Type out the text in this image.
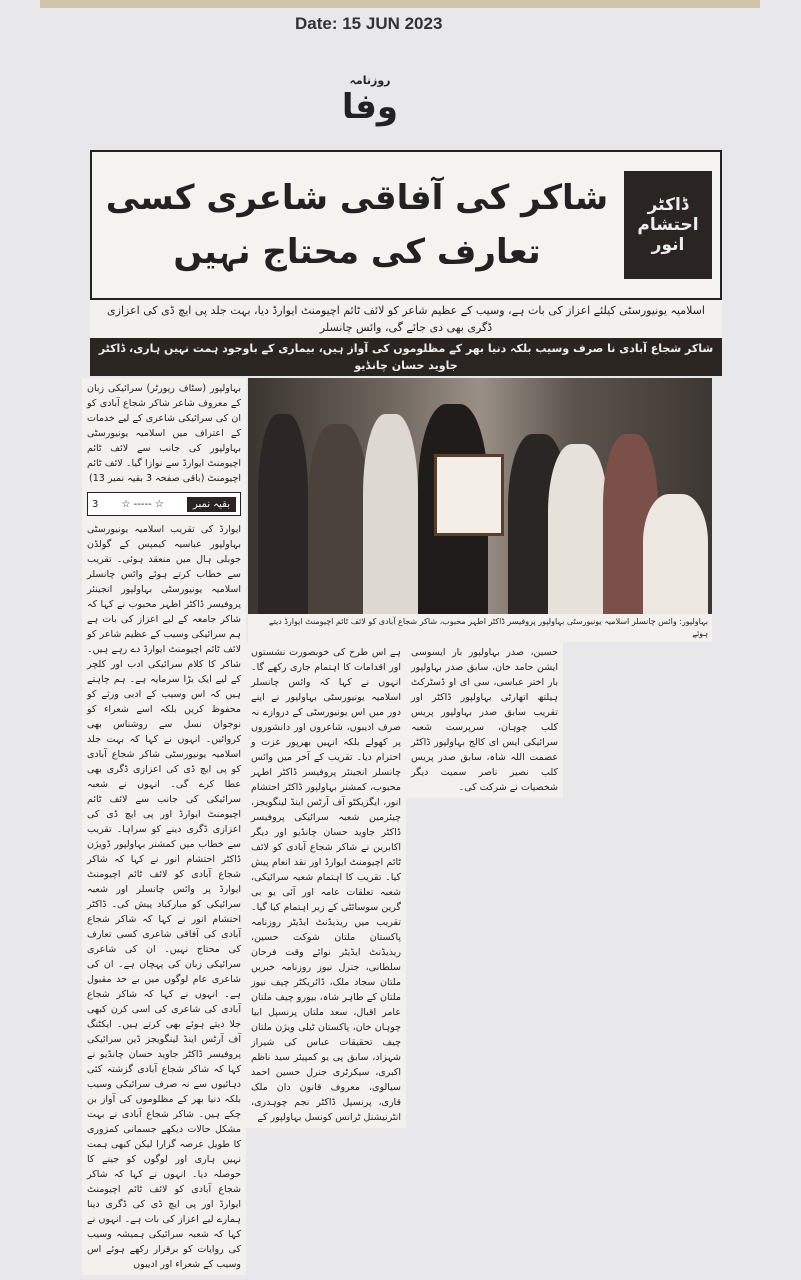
Date: 15 JUN 2023
روزنامہ
وفا
شاکر کی آفاقی شاعری کسی تعارف کی محتاج نہیں
ڈاکٹر
احتشام انور
اسلامیہ یونیورسٹی کیلئے اعزاز کی بات ہے، وسیب کے عظیم شاعر کو لائف ٹائم اچیومنٹ ایوارڈ دیا، بہت جلد پی ایچ ڈی کی اعزازی ڈگری بھی دی جائے گی، وائس چانسلر
شاکر شجاع آبادی نا صرف وسیب بلکہ دنیا بھر کے مظلوموں کی آواز ہیں، بیماری کے باوجود ہمت نہیں ہاری، ڈاکٹر جاوید حسان چانڈیو
بہاولپور (سٹاف رپورٹر) سرائیکی زبان کے معروف شاعر شاکر شجاع آبادی کو ان کی سرائیکی شاعری کے لیے خدمات کے اعتراف میں اسلامیہ یونیورسٹی بہاولپور کی جانب سے لائف ٹائم اچیومنٹ ایوارڈ سے نوازا گیا۔ لائف ٹائم اچیومنٹ (باقی صفحہ 3 بقیہ نمبر 13)
3 ☆ ----- ☆	بقیہ نمبر
ایوارڈ کی تقریب اسلامیہ یونیورسٹی بہاولپور عباسیہ کیمپس کے گولڈن جوبلی ہال میں منعقد ہوئی۔ تقریب سے خطاب کرتے ہوئے وائس چانسلر اسلامیہ یونیورسٹی بہاولپور انجینئر پروفیسر ڈاکٹر اطہر محبوب نے کہا کہ شاکر جامعہ کے لیے اعزاز کی بات ہے ہم سرائیکی وسیب کے عظیم شاعر کو لائف ٹائم اچیومنٹ ایوارڈ دے رہے ہیں۔ شاکر کا کلام سرائیکی ادب اور کلچر کے لیے ایک بڑا سرمایہ ہے۔ ہم چاہتے ہیں کہ اس وسیب کے ادبی ورثے کو محفوظ کریں بلکہ اسے شعراء کو نوجوان نسل سے روشناس بھی کروائیں۔ انہوں نے کہا کہ بہت جلد اسلامیہ یونیورسٹی شاکر شجاع آبادی کو پی ایچ ڈی کی اعزازی ڈگری بھی عطا کرے گی۔ انہوں نے شعبہ سرائیکی کی جانب سے لائف ٹائم اچیومنٹ ایوارڈ اور پی ایچ ڈی کی اعزازی ڈگری دینے کو سراہا۔ تقریب سے خطاب میں کمشنر بہاولپور ڈویژن ڈاکٹر احتشام انور نے کہا کہ شاکر شجاع آبادی کو لائف ٹائم اچیومنٹ ایوارڈ پر وائس چانسلر اور شعبہ سرائیکی کو مبارکباد پیش کی۔ ڈاکٹر احتشام انور نے کہا کہ شاکر شجاع آبادی کی آفاقی شاعری کسی تعارف کی محتاج نہیں۔ ان کی شاعری سرائیکی زبان کی پہچان ہے۔ ان کی شاعری عام لوگوں میں بے حد مقبول ہے۔ انہوں نے کہا کہ شاکر شجاع آبادی کی شاعری کی اسی کرن کبھی جلا دیتے ہوئے بھی کرتے ہیں۔ ایکٹنگ آف آرٹس اینڈ لینگویجز ڈین سرائیکی پروفیسر ڈاکٹر جاوید حسان چانڈیو نے کہا کہ شاکر شجاع آبادی گزشتہ کئی دہائیوں سے نہ صرف سرائیکی وسیب بلکہ دنیا بھر کے مظلوموں کی آواز بن چکے ہیں۔ شاکر شجاع آبادی نے بہت مشکل حالات دیکھے جسمانی کمزوری کا طویل عرصہ گزارا لیکن کبھی ہمت نہیں ہاری اور لوگوں کو جینے کا حوصلہ دیا۔ انہوں نے کہا کہ شاکر شجاع آبادی کو لائف ٹائم اچیومنٹ ایوارڈ اور پی ایچ ڈی کی ڈگری دینا ہمارے لیے اعزاز کی بات ہے۔ انہوں نے کہا کہ شعبہ سرائیکی ہمیشہ وسیب کی روایات کو برقرار رکھے ہوئے اس وسیب کے شعراء اور ادیبوں
بہاولپور: وائس چانسلر اسلامیہ یونیورسٹی بہاولپور پروفیسر ڈاکٹر اطہر محبوب، شاکر شجاع آبادی کو لائف ٹائم اچیومنٹ ایوارڈ دیتے ہوئے
ہے اس طرح کی خوبصورت نشستوں اور اقدامات کا اہتمام جاری رکھے گا۔ انہوں نے کہا کہ وائس چانسلر اسلامیہ یونیورسٹی بہاولپور نے اپنے دور میں اس یونیورسٹی کے دروازے نہ صرف ادیبوں، شاعروں اور دانشوروں پر کھولے بلکہ انہیں بھرپور عزت و احترام دیا۔ تقریب کے آخر میں وائس چانسلر انجینئر پروفیسر ڈاکٹر اطہر محبوب، کمشنر بہاولپور ڈاکٹر احتشام انور، ایگزیکٹو آف آرٹس اینڈ لینگویجز، چیئرمین شعبہ سرائیکی پروفیسر ڈاکٹر جاوید حسان چانڈیو اور دیگر اکابرین نے شاکر شجاع آبادی کو لائف ٹائم اچیومنٹ ایوارڈ اور نقد انعام پیش کیا۔ تقریب کا اہتمام شعبہ سرائیکی، شعبہ تعلقات عامہ اور آئی یو بی گرین سوسائٹی کے زیر اہتمام کیا گیا۔ تقریب میں ریذیڈنٹ ایڈیٹر روزنامہ پاکستان ملتان شوکت حسین، ریذیڈنٹ ایڈیٹر نوائے وقت فرحان سلطانی، جنرل نیوز روزنامہ خبریں ملتان سجاد ملک، ڈائریکٹر چیف نیوز ملتان کے طاہر شاہ، بیورو چیف ملتان عامر اقبال، سعد ملتان پرنسپل ابیا چوہان خان، پاکستان ٹیلی ویژن ملتان چیف تحقیقات عباس کی شیراز شہزاد، سابق پی یو کمپیئر سید ناظم اکبری، سیکرٹری جنرل حسین احمد سیالوی، معروف قانون دان ملک قاری، پرنسپل ڈاکٹر نجم چوہدری، انٹرنیشنل ٹرانس کونسل بہاولپور کے
حسین، صدر بہاولپور بار ایسوسی ایشن حامد خان، سابق صدر بہاولپور بار اختر عباسی، سی ای او ڈسٹرکٹ ہیلتھ اتھارٹی بہاولپور ڈاکٹر اور تقریب سابق صدر بہاولپور پریس کلب چوہان، سرپرست شعبہ سرائیکی ایس ای کالج بہاولپور ڈاکٹر عصمت اللہ شاہ، سابق صدر پریس کلب نصیر ناصر سمیت دیگر شخصیات نے شرکت کی۔
